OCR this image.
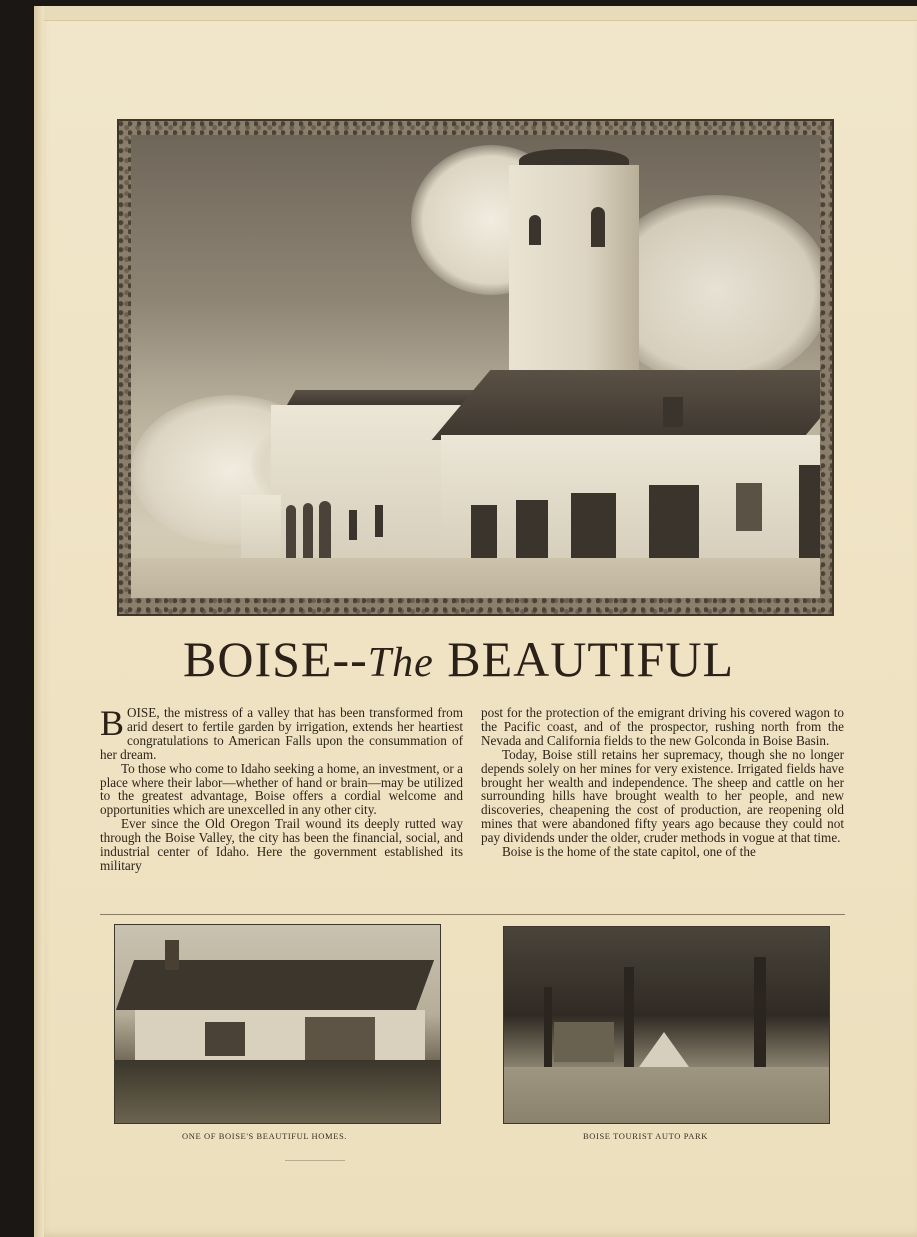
BOISE--The BEAUTIFUL

BOISE, the mistress of a valley that has been transformed from arid desert to fertile garden by irrigation, extends her heartiest congratulations to American Falls upon the consummation of her dream.

To those who come to Idaho seeking a home, an investment, or a place where their labor—whether of hand or brain—may be utilized to the greatest advantage, Boise offers a cordial welcome and opportunities which are unexcelled in any other city.

Ever since the Old Oregon Trail wound its deeply rutted way through the Boise Valley, the city has been the financial, social, and industrial center of Idaho. Here the government established its military

post for the protection of the emigrant driving his covered wagon to the Pacific coast, and of the prospector, rushing north from the Nevada and California fields to the new Golconda in Boise Basin.

Today, Boise still retains her supremacy, though she no longer depends solely on her mines for very existence. Irrigated fields have brought her wealth and independence. The sheep and cattle on her surrounding hills have brought wealth to her people, and new discoveries, cheapening the cost of production, are reopening old mines that were abandoned fifty years ago because they could not pay dividends under the older, cruder methods in vogue at that time.

Boise is the home of the state capitol, one of the

ONE OF BOISE'S BEAUTIFUL HOMES.	BOISE TOURIST AUTO PARK
